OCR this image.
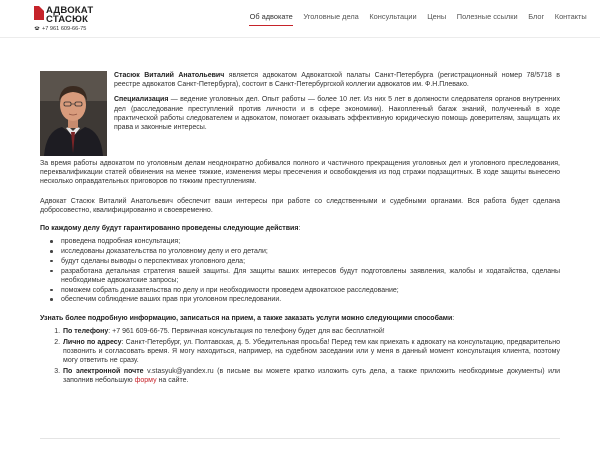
АДВОКАТ
СТАСЮК
+7 961 609-66-75
Об адвокате	Уголовные дела	Консультации	Цены	Полезные ссылки	Блог	Контакты

Стасюк Виталий Анатольевич является адвокатом Адвокатской палаты Санкт-Петербурга (регистрационный номер 78/5718 в реестре адвокатов Санкт-Петербурга), состоит в Санкт-Петербургской коллегии адвокатов им. Ф.Н.Плевако.

Специализация — ведение уголовных дел. Опыт работы — более 10 лет. Из них 5 лет в должности следователя органов внутренних дел (расследование преступлений против личности и в сфере экономики). Накопленный багаж знаний, полученный в ходе практической работы следователем и адвокатом, помогает оказывать эффективную юридическую помощь доверителям, защищать их права и законные интересы.

За время работы адвокатом по уголовным делам неоднократно добивался полного и частичного прекращения уголовных дел и уголовного преследования, переквалификации статей обвинения на менее тяжкие, изменения меры пресечения и освобождения из под стражи подзащитных. В ходе защиты вынесено несколько оправдательных приговоров по тяжким преступлениям.

Адвокат Стасюк Виталий Анатольевич обеспечит ваши интересы при работе со следственными и судебными органами. Вся работа будет сделана добросовестно, квалифицированно и своевременно.

По каждому делу будут гарантированно проведены следующие действия:

проведена подробная консультация;
исследованы доказательства по уголовному делу и его детали;
будут сделаны выводы о перспективах уголовного дела;
разработана детальная стратегия вашей защиты. Для защиты ваших интересов будут подготовлены заявления, жалобы и ходатайства, сделаны необходимые адвокатские запросы;
поможем собрать доказательства по делу и при необходимости проведем адвокатское расследование;
обеспечим соблюдение ваших прав при уголовном преследовании.

Узнать более подробную информацию, записаться на прием, а также заказать услуги можно следующими способами:

1. По телефону: +7 961 609-66-75. Первичная консультация по телефону будет для вас бесплатной!
2. Лично по адресу: Санкт-Петербург, ул. Полтавская, д. 5. Убедительная просьба! Перед тем как приехать к адвокату на консультацию, предварительно позвонить и согласовать время. Я могу находиться, например, на судебном заседании или у меня в данный момент консультация клиента, поэтому могу ответить не сразу.
3. По электронной почте v.stasyuk@yandex.ru (в письме вы можете кратко изложить суть дела, а также приложить необходимые документы) или заполнив небольшую форму на сайте.
